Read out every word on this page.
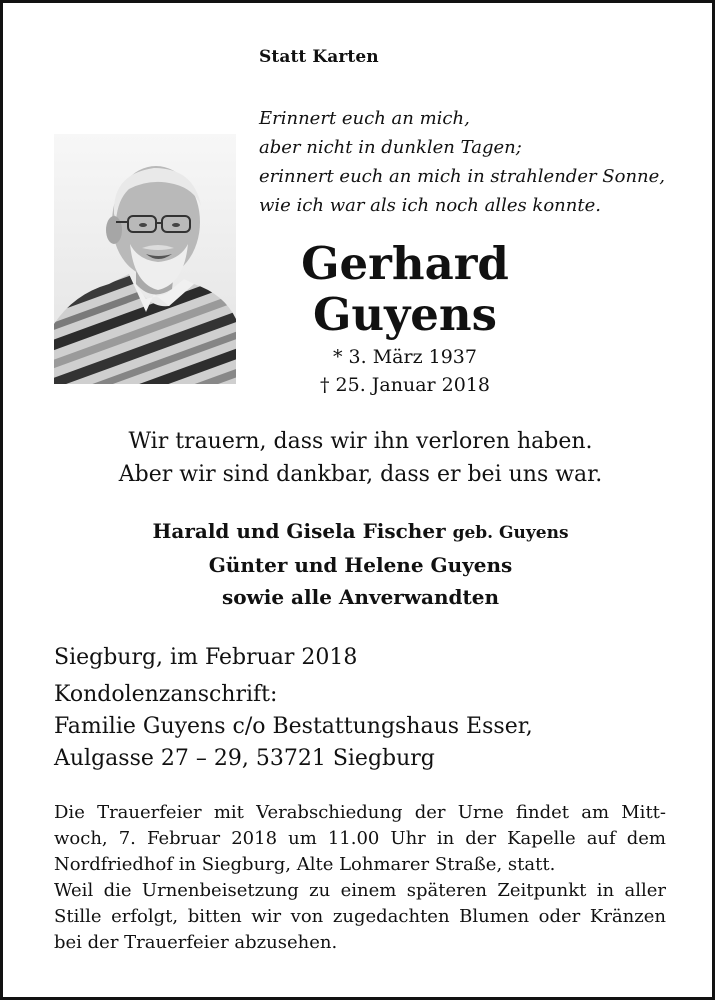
Statt Karten
Erinnert euch an mich,
aber nicht in dunklen Tagen;
erinnert euch an mich in strahlender Sonne,
wie ich war als ich noch alles konnte.
Gerhard
Guyens
* 3. März 1937
† 25. Januar 2018
Wir trauern, dass wir ihn verloren haben.
Aber wir sind dankbar, dass er bei uns war.
Harald und Gisela Fischer geb. Guyens
Günter und Helene Guyens
sowie alle Anverwandten
Siegburg, im Februar 2018
Kondolenzanschrift:
Familie Guyens c/o Bestattungshaus Esser,
Aulgasse 27 – 29, 53721 Siegburg

Die Trauerfeier mit Verabschiedung der Urne findet am Mitt-

woch, 7. Februar 2018 um 11.00 Uhr in der Kapelle auf dem

Nordfriedhof in Siegburg, Alte Lohmarer Straße, statt.

Weil die Urnenbeisetzung zu einem späteren Zeitpunkt in aller

Stille erfolgt, bitten wir von zugedachten Blumen oder Kränzen

bei der Trauerfeier abzusehen.
